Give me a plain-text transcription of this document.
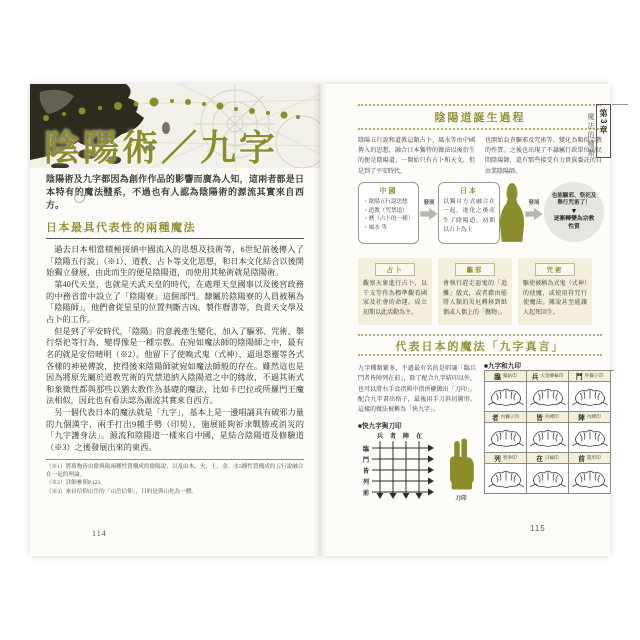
陰陽術／九字
陰陽術及九字都因為創作作品的影響而廣為人知，這兩者都是日本特有的魔法體系，不過也有人認為陰陽術的源流其實來自西方。
日本最具代表性的兩種魔法

過去日本相當積極接納中國流入的思想及技術等，6世紀前後傳入了「陰陽五行說」（※1）、道教、占卜等文化思想，和日本文化結合以後開始獨立發展，由此而生的便是陰陽道，而使用其秘術就是陰陽術。

第40代天皇，也就是天武天皇的時代，在處理天皇國事以及後宮政務的中務省當中設立了「陰陽寮」這個部門。隸屬於陰陽寮的人員被稱為「陰陽師」，他們會從星星的位置判斷吉凶、製作曆書等，負責天文學及占卜的工作。

但是到了平安時代，「陰陽」的意義產生變化，加入了驅邪、咒術、舉行祭祀等行為，變得像是一種宗教。在宛如魔法師的陰陽師之中，最有名的就是安倍晴明（※2）。他留下了使喚式鬼（式神）、逼退怨靈等各式各樣的神祕傳說，使得後來陰陽師就宛如魔法師般的存在。雖然這也是因為將原先屬於道教咒術的咒禁道納入陰陽道之中的緣故，不過其術式和象徵性都與那些以猶太教作為基礎的魔法，比如卡巴拉或所羅門王魔法相似，因此也有看法認為源流其實來自西方。

另一個代表日本的魔法就是「九字」，基本上是一邊唱誦具有破邪力量的九個漢字，兩手打出9種手勢（印契），施展能夠祈求戰勝或消災的「九字護身法」。源流和陰陽道一樣來自中國，是結合陰陽道及修驗道（※3）之後發展出來的東西。

（※1）將萬物皆由陰與陽兩種性質構成的陰陽說，以及由木、火、土、金、水5種性質構成的五行說融合在一起的理論。
（※2）詳細參照P.123。
（※3）來自信仰山岳的「山岳信仰」，目的是與山化為一體。
114
陰陽道誕生過程
陰陽五行說和道教這類占卜、風水等由中國傳入的思想，融合日本獨特的做法以後衍生的便是陰陽道。一開始只有占卜和天文，但是到了平安時代，
也開始負責驅邪及咒術等，變化為類似宗教的性質。之後也出現了不隸屬行政單位的民間陰陽師，還有那些接受有力貴族委託的自由業陰陽師。
中國
・陰陽五行說思想
・道教（咒禁道）
・曆（占卜的一種）
・風水 等
發展
日本
以獨自方式融合在一起，進化之後產生了陰陽道。初期以占卜為主
發展
也能驅邪、祭祀及舉行咒術了！
▼
逐漸轉變為宗教性質
占卜
觀察天象進行占卜，以干支等作為標準觀看國家及社會的命運。成立初期以此活動為主。
驅邪
會執行趕走惡鬼的「追儺」儀式，或者藉由能將人類的災厄轉移到紙偶或人偶上的「撫物」。
咒術
驅使被稱為式鬼（式神）的使魔，或使用符咒行使魔法。據說甚至能讓人起死回生。
代表日本的魔法「九字真言」
九字種類繁多，不過最有名的是唱誦「臨兵鬥者皆陣列在前」，除了配合九字結印以外，也可以將右手食指與中指併攏做出「刀印」，配合九字畫出格子，最後用手刀斜切圖形。這樣的做法被稱為「快九字」。
■快九字與刀印
兵	者	陣	在
臨
鬥
皆
列
前
刀印
■九字和九印
臨 獨鈷印 兵 大金剛輪印 鬥 外獅子印
者 內獅子印	皆 外縛印	陣 內縛印
列 智拳印	在 日輪印	前 隱形印
115
第3章
魔法的種類
